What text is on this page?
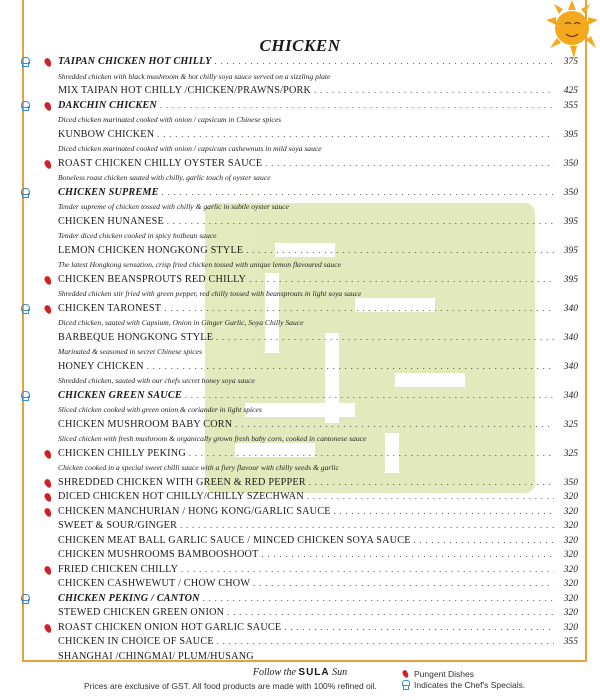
CHICKEN
TAIPAN CHICKEN HOT CHILLY . . .	375
Shredded chicken with black mushroom & hot chilly soya sauce served on a sizzling plate
MIX TAIPAN HOT CHILLY /CHICKEN/PRAWNS/PORK . . .	425
DAKCHIN CHICKEN . . .	355
Diced chicken marinated cooked with onion / capsicum in Chinese spices
KUNBOW CHICKEN . . .	395
Diced chicken marinated cooked with onion / capsicum cashewnuts in mild soya sauce
ROAST CHICKEN CHILLY OYSTER SAUCE . . .	350
Boneless roast chicken sauted with chilly, garlic touch of oyster sauce
CHICKEN SUPREME . . .	350
Tender supreme of chicken tossed with chilly & garlic in subtle oyster sauce
CHICKEN HUNANESE . . .	395
Tender diced chicken cooked in spicy hotbean sauce
LEMON CHICKEN HONGKONG STYLE . . .	395
The latest Hongkong sensation, crisp fried chicken tossed with unique lemon flavoured sauce
CHICKEN BEANSPROUTS RED CHILLY . . .	395
Shredded chicken stir fried with green pepper, red chilly tossed with beansprouts in light soya sauce
CHICKEN TARONEST . . .	340
Diced chicken, sauted with Capsium, Onion in Ginger Garlic, Soya Chilly Sauce
BARBEQUE HONGKONG STYLE . . .	340
Marinated & seasoned in secret Chinese spices
HONEY CHICKEN . . .	340
Shredded chicken, sauted with our chefs secret honey soya sauce
CHICKEN GREEN SAUCE . . .	340
Sliced chicken cooked with green onion & coriander in light spices
CHICKEN MUSHROOM BABY CORN . . .	325
Sliced chicken with fresh mushroom & organically grown fresh baby corn, cooked in cantonese sauce
CHICKEN CHILLY PEKING . . .	325
Chicken cooked in a special sweet chilli sauce with a fiery flavour with chilly seeds & garlic
SHREDDED CHICKEN WITH GREEN & RED PEPPER . . .	350
DICED CHICKEN HOT CHILLY/CHILLY SZECHWAN . . .	320
CHICKEN MANCHURIAN / HONG KONG/GARLIC SAUCE . . .	320
SWEET & SOUR/GINGER . . .	320
CHICKEN MEAT BALL GARLIC SAUCE / MINCED CHICKEN SOYA SAUCE . . .	320
CHICKEN MUSHROOMS BAMBOOSHOOT . . .	320
FRIED CHICKEN CHILLY . . .	320
CHICKEN CASHWEWUT / CHOW CHOW . . .	320
CHICKEN PEKING / CANTON . . .	320
STEWED CHICKEN GREEN ONION . . .	320
ROAST CHICKEN ONION HOT GARLIC SAUCE . . .	320
CHICKEN IN CHOICE OF SAUCE . . .	355
SHANGHAI /CHINGMAI/ PLUM/HUSANG
Follow the SULA Sun
Prices are exclusive of GST. All food products are made with 100% refined oil.
Pungent Dishes
Indicates the Chef's Specials.
